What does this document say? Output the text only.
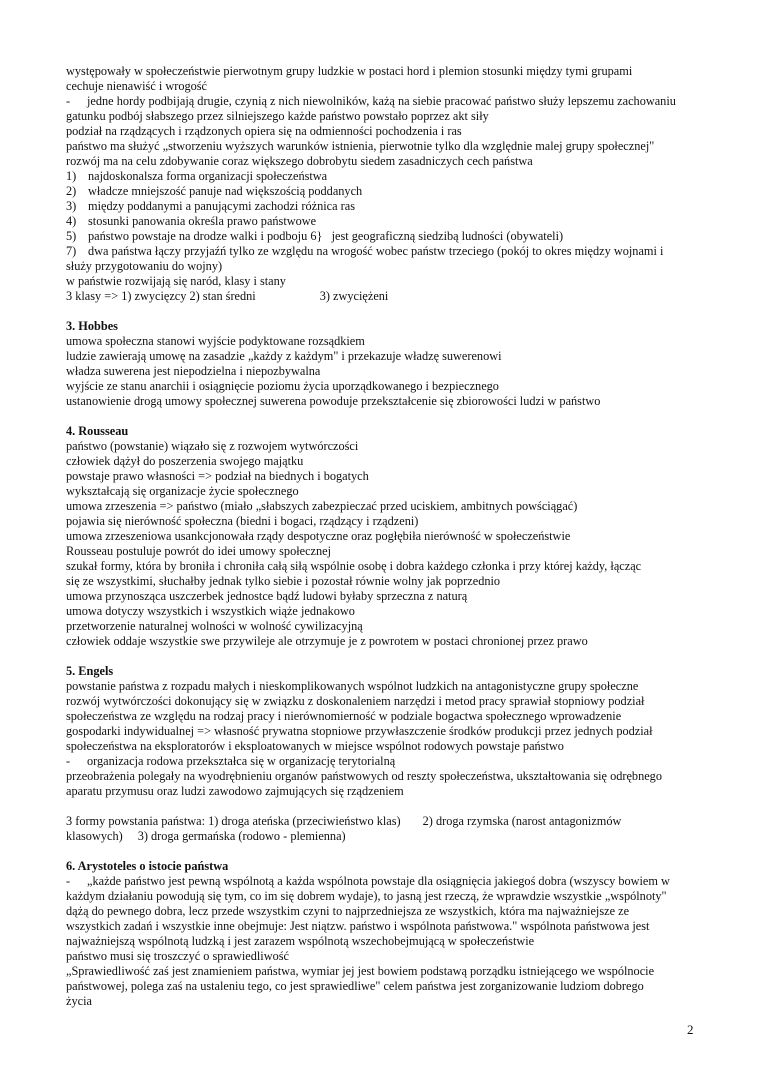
występowały w społeczeństwie pierwotnym grupy ludzkie w postaci hord i plemion stosunki między tymi grupami
cechuje nienawiść i wrogość
- jedne hordy podbijają drugie, czynią z nich niewolników, każą na siebie pracować państwo służy lepszemu zachowaniu
gatunku podbój słabszego przez silniejszego każde państwo powstało poprzez akt siły
podział na rządzących i rządzonych opiera się na odmienności pochodzenia i ras
państwo ma służyć „stworzeniu wyższych warunków istnienia, pierwotnie tylko dla względnie malej grupy społecznej"
rozwój ma na celu zdobywanie coraz większego dobrobytu siedem zasadniczych cech państwa
1) najdoskonalsza forma organizacji społeczeństwa
2) władcze mniejszość panuje nad większością poddanych
3) między poddanymi a panującymi zachodzi różnica ras
4) stosunki panowania określa prawo państwowe
5) państwo powstaje na drodze walki i podboju 6}   jest geograficzną siedzibą ludności (obywateli)
7) dwa państwa łączy przyjaźń tylko ze względu na wrogość wobec państw trzeciego (pokój to okres między wojnami i
służy przygotowaniu do wojny)
w państwie rozwijają się naród, klasy i stany
3 klasy => 1) zwycięzcy 2) stan średni	3) zwyciężeni
3. Hobbes
umowa społeczna stanowi wyjście podyktowane rozsądkiem
ludzie zawierają umowę na zasadzie „każdy z każdym" i przekazuje władzę suwerenowi
władza suwerena jest niepodzielna i niepozbywalna
wyjście ze stanu anarchii i osiągnięcie poziomu życia uporządkowanego i bezpiecznego
ustanowienie drogą umowy społecznej suwerena powoduje przekształcenie się zbiorowości ludzi w państwo
4. Rousseau
państwo (powstanie) wiązało się z rozwojem wytwórczości
człowiek dążył do poszerzenia swojego majątku
powstaje prawo własności => podział na biednych i bogatych
wykształcają się organizacje życie społecznego
umowa zrzeszenia => państwo (miało „słabszych zabezpieczać przed uciskiem, ambitnych powściągać)
pojawia się nierówność społeczna (biedni i bogaci, rządzący i rządzeni)
umowa zrzeszeniowa usankcjonowała rządy despotyczne oraz pogłębiła nierówność w społeczeństwie
Rousseau postuluje powrót do idei umowy społecznej
szukał formy, która by broniła i chroniła całą siłą wspólnie osobę i dobra każdego członka i przy której każdy, łącząc
się ze wszystkimi, słuchałby jednak tylko siebie i pozostał równie wolny jak poprzednio
umowa przynosząca uszczerbek jednostce bądź ludowi byłaby sprzeczna z naturą
umowa dotyczy wszystkich i wszystkich wiąże jednakowo
przetworzenie naturalnej wolności w wolność cywilizacyjną
człowiek oddaje wszystkie swe przywileje ale otrzymuje je z powrotem w postaci chronionej przez prawo
5. Engels
powstanie państwa z rozpadu małych i nieskomplikowanych wspólnot ludzkich na antagonistyczne grupy społeczne
rozwój wytwórczości dokonujący się w związku z doskonaleniem narzędzi i metod pracy sprawiał stopniowy podział
społeczeństwa ze względu na rodzaj pracy i nierównomierność w podziale bogactwa społecznego wprowadzenie
gospodarki indywidualnej => własność prywatna stopniowe przywłaszczenie środków produkcji przez jednych podział
społeczeństwa na eksploratorów i eksploatowanych w miejsce wspólnot rodowych powstaje państwo
- organizacja rodowa przekształca się w organizację terytorialną
przeobrażenia polegały na wyodrębnieniu organów państwowych od reszty społeczeństwa, ukształtowania się odrębnego
aparatu przymusu oraz ludzi zawodowo zajmujących się rządzeniem
3 formy powstania państwa: 1) droga ateńska (przeciwieństwo klas) 2) droga rzymska (narost antagonizmów
klasowych) 3) droga germańska (rodowo - plemienna)
6. Arystoteles o istocie państwa
- „każde państwo jest pewną wspólnotą a każda wspólnota powstaje dla osiągnięcia jakiegoś dobra (wszyscy bowiem w
każdym działaniu powodują się tym, co im się dobrem wydaje), to jasną jest rzeczą, że wprawdzie wszystkie „wspólnoty"
dążą do pewnego dobra, lecz przede wszystkim czyni to najprzedniejsza ze wszystkich, która ma najważniejsze ze
wszystkich zadań i wszystkie inne obejmuje: Jest niątzw. państwo i wspólnota państwowa." wspólnota państwowa jest
najważniejszą wspólnotą ludzką i jest zarazem wspólnotą wszechobejmującą w społeczeństwie
państwo musi się troszczyć o sprawiedliwość
„Sprawiedliwość zaś jest znamieniem państwa, wymiar jej jest bowiem podstawą porządku istniejącego we wspólnocie
państwowej, polega zaś na ustaleniu tego, co jest sprawiedliwe" celem państwa jest zorganizowanie ludziom dobrego
życia
2
